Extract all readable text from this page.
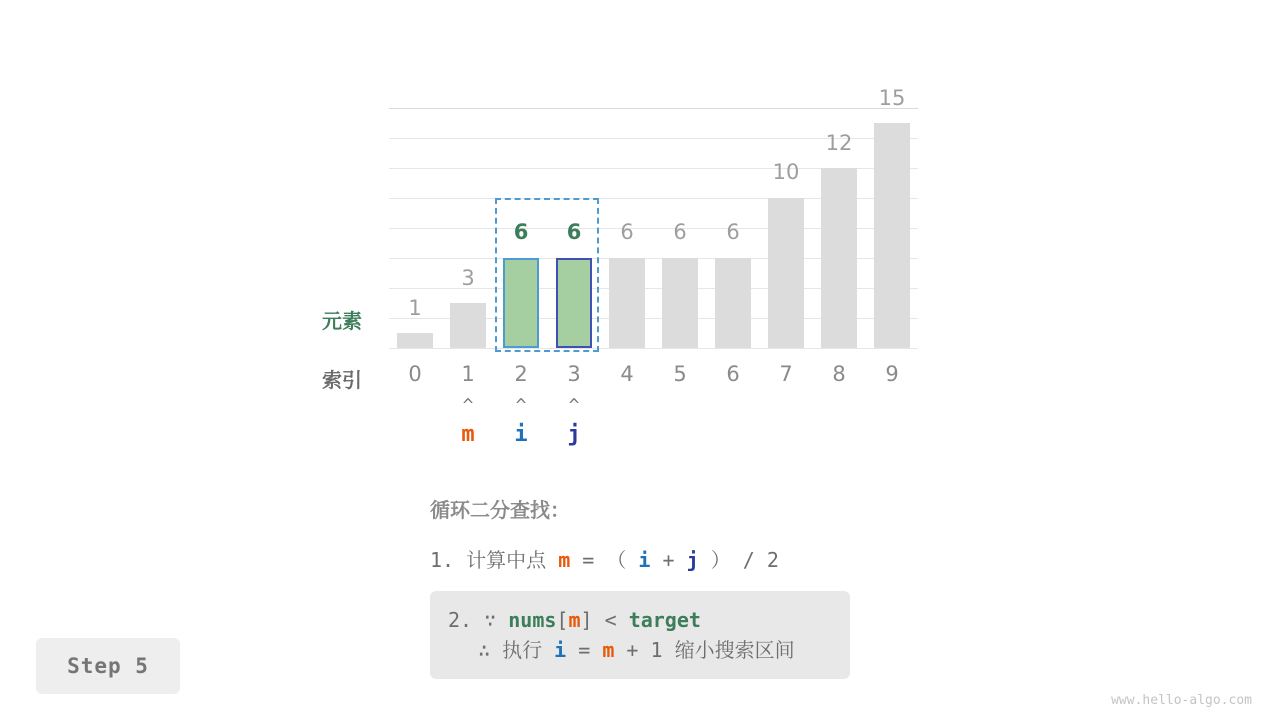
1
3
6	6	6	6	6
10
12
15
元素
索引	0	1	2	3	4	5	6	7	8	9
^	^	^
m	i	j
循环二分查找：
1. 计算中点 m = （ i + j ） / 2
2. ∵ nums[m] < target
∴ 执行 i = m + 1 缩小搜索区间
Step 5
www.hello-algo.com
